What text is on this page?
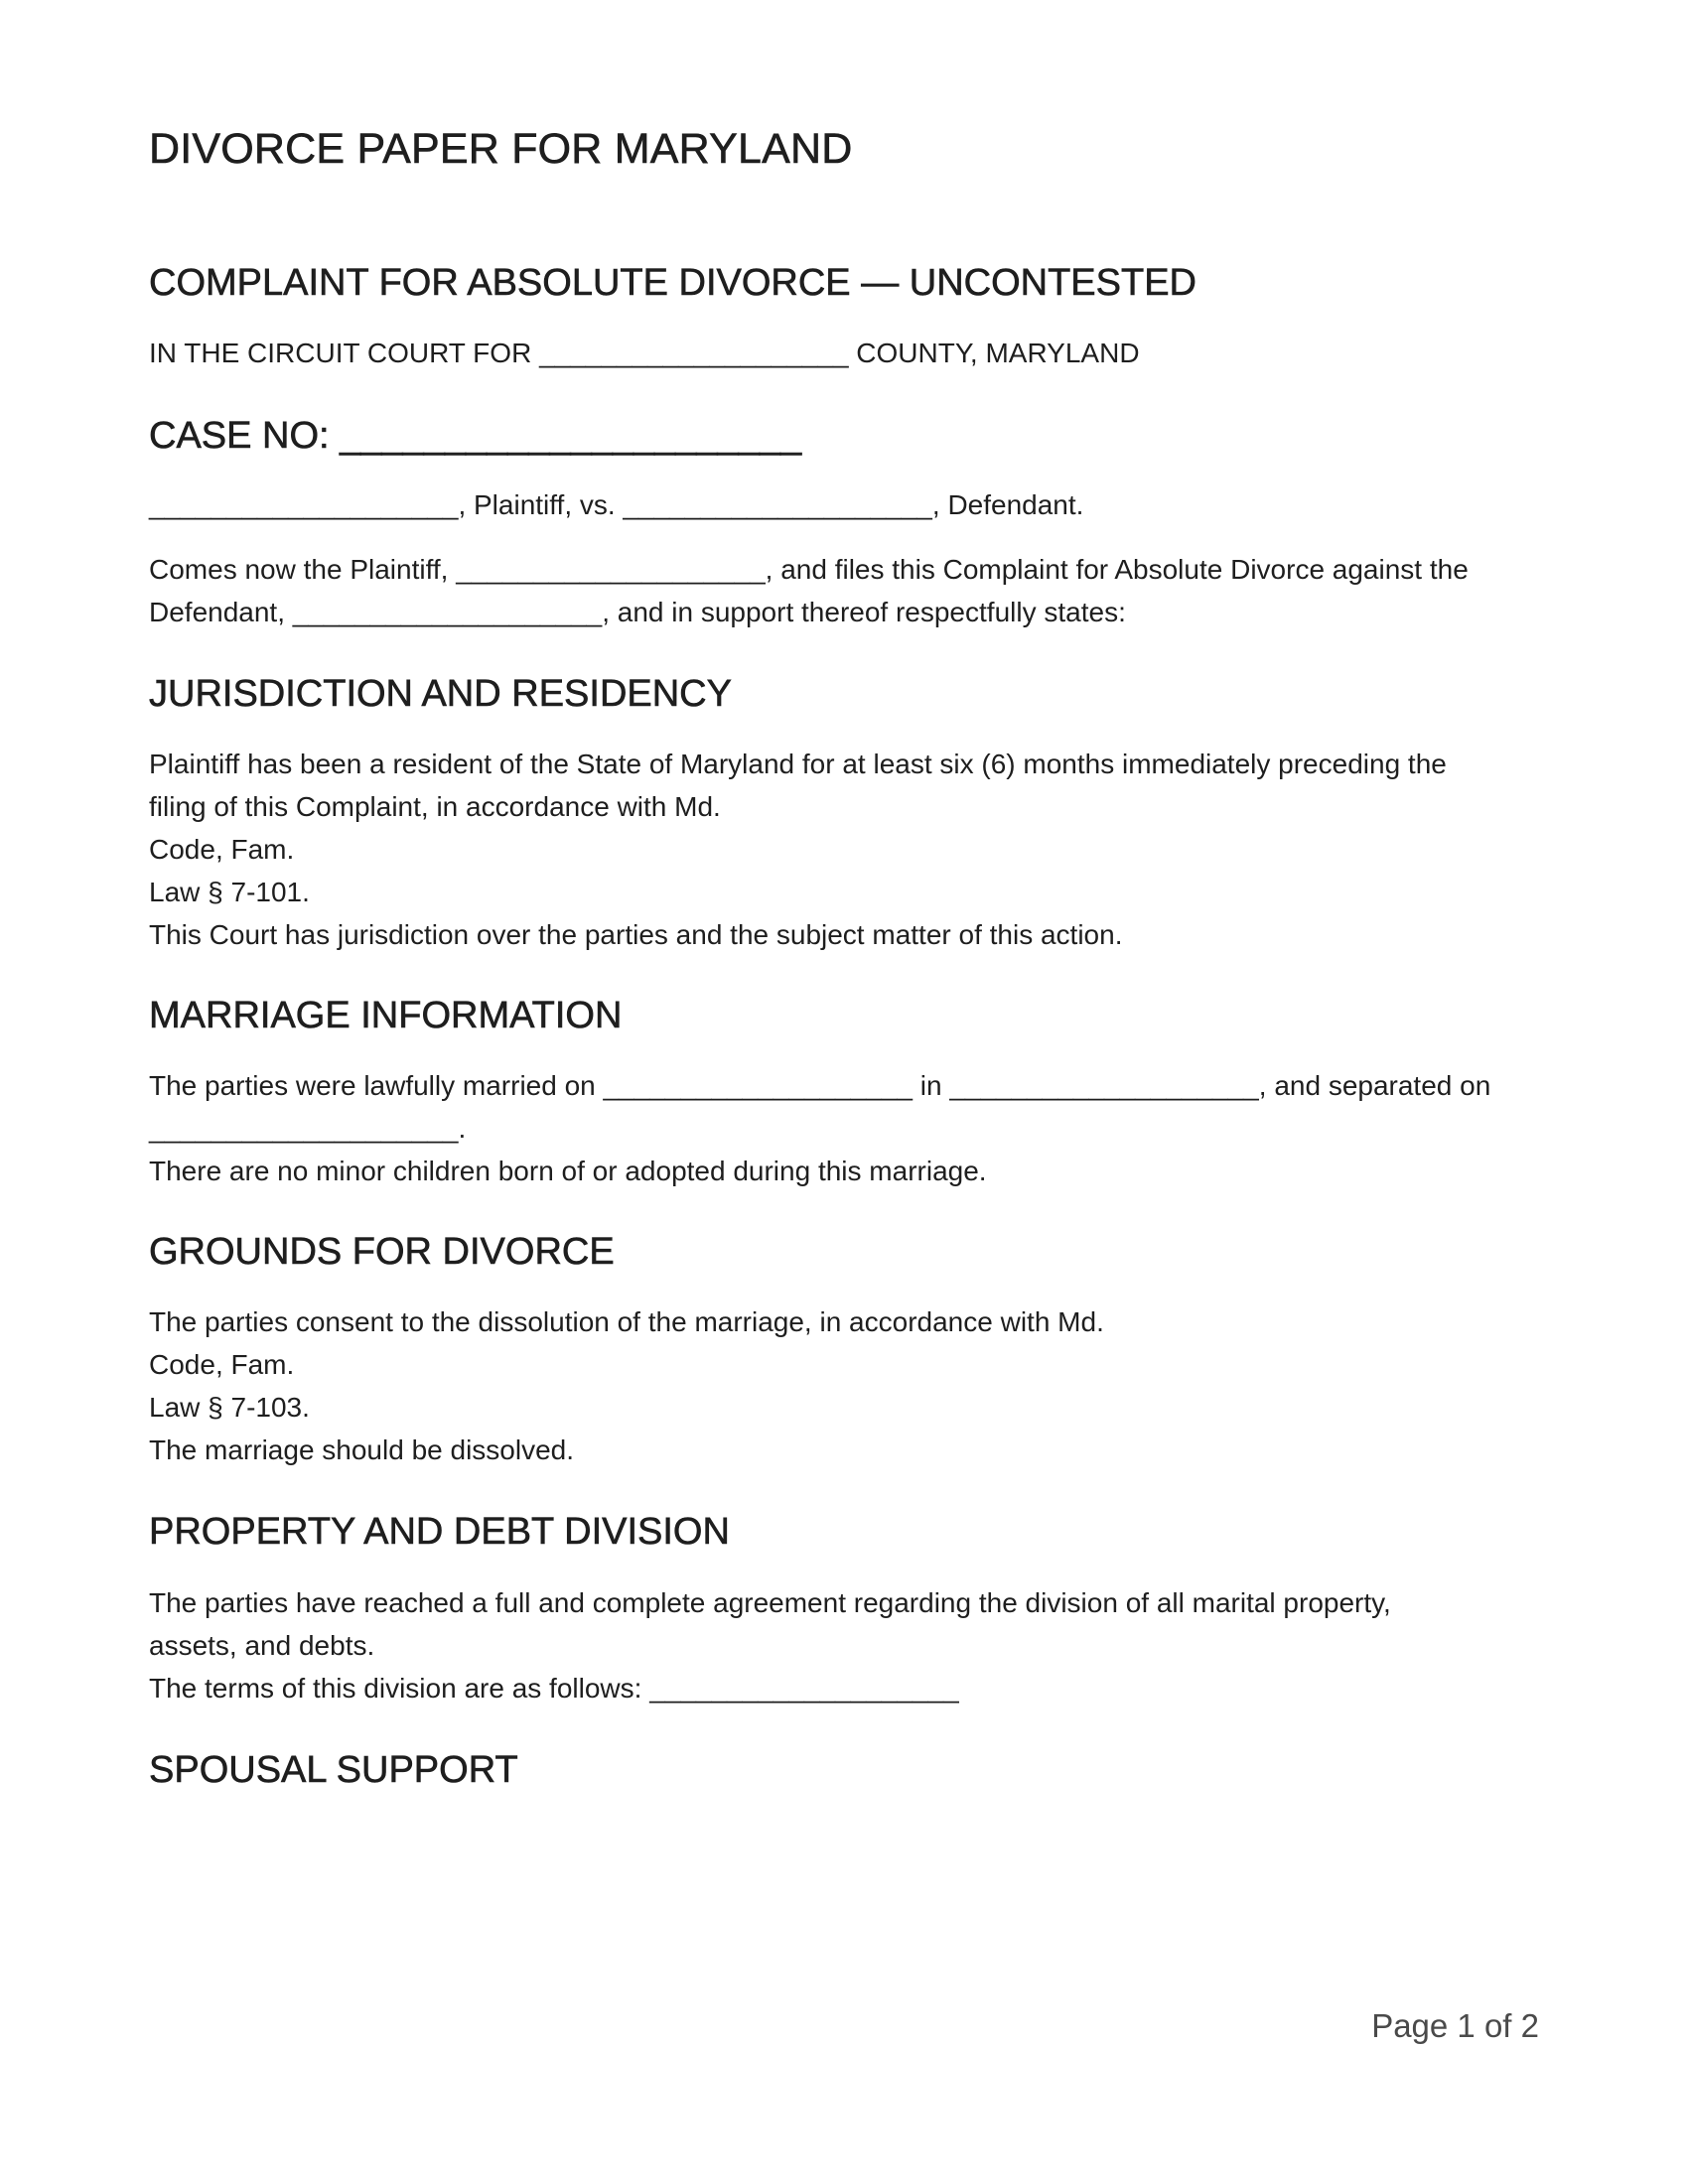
DIVORCE PAPER FOR MARYLAND
COMPLAINT FOR ABSOLUTE DIVORCE — UNCONTESTED

IN THE CIRCUIT COURT FOR ____________________ COUNTY, MARYLAND

CASE NO: ______________________

____________________, Plaintiff, vs. ____________________, Defendant.

Comes now the Plaintiff, ____________________, and files this Complaint for Absolute Divorce against the

Defendant, ____________________, and in support thereof respectfully states:

JURISDICTION AND RESIDENCY

Plaintiff has been a resident of the State of Maryland for at least six (6) months immediately preceding the

filing of this Complaint, in accordance with Md.

Code, Fam.

Law § 7-101.

This Court has jurisdiction over the parties and the subject matter of this action.

MARRIAGE INFORMATION

The parties were lawfully married on ____________________ in ____________________, and separated on

____________________.

There are no minor children born of or adopted during this marriage.

GROUNDS FOR DIVORCE

The parties consent to the dissolution of the marriage, in accordance with Md.

Code, Fam.

Law § 7-103.

The marriage should be dissolved.

PROPERTY AND DEBT DIVISION

The parties have reached a full and complete agreement regarding the division of all marital property,

assets, and debts.

The terms of this division are as follows: ____________________

SPOUSAL SUPPORT
Page 1 of 2
